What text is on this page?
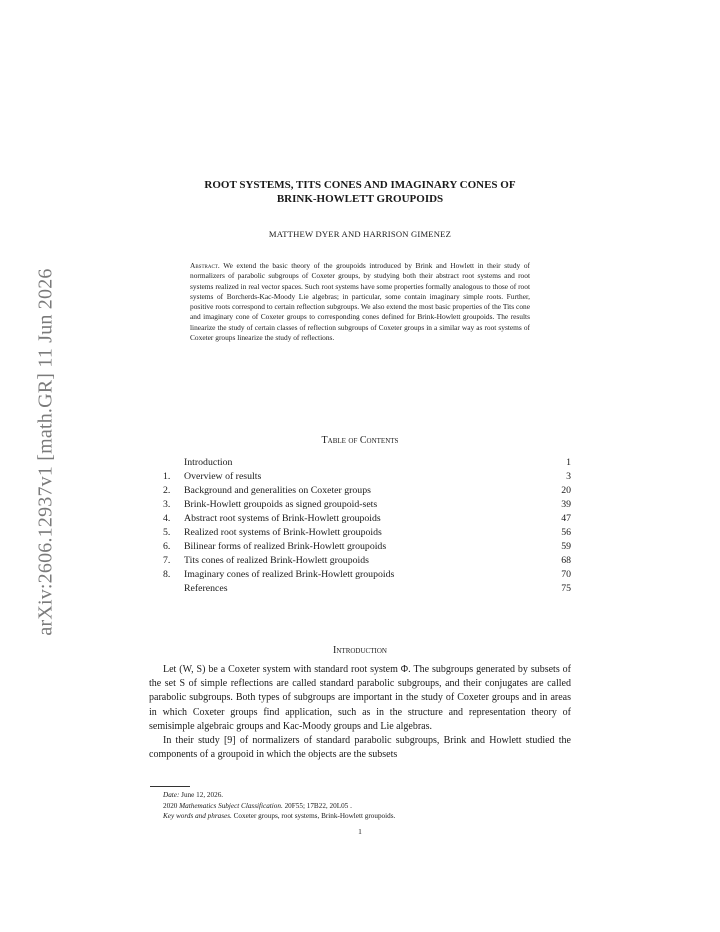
arXiv:2606.12937v1 [math.GR] 11 Jun 2026
ROOT SYSTEMS, TITS CONES AND IMAGINARY CONES OF
BRINK-HOWLETT GROUPOIDS
MATTHEW DYER AND HARRISON GIMENEZ
Abstract. We extend the basic theory of the groupoids introduced by Brink and Howlett in their study of normalizers of parabolic subgroups of Coxeter groups, by studying both their abstract root systems and root systems realized in real vector spaces. Such root systems have some properties formally analogous to those of root systems of Borcherds-Kac-Moody Lie algebras; in particular, some contain imaginary simple roots. Further, positive roots correspond to certain reflection subgroups. We also extend the most basic properties of the Tits cone and imaginary cone of Coxeter groups to corresponding cones defined for Brink-Howlett groupoids. The results linearize the study of certain classes of reflection subgroups of Coxeter groups in a similar way as root systems of Coxeter groups linearize the study of reflections.
Table of Contents
Introduction	1
1. Overview of results	3
2. Background and generalities on Coxeter groups	20
3. Brink-Howlett groupoids as signed groupoid-sets	39
4. Abstract root systems of Brink-Howlett groupoids	47
5. Realized root systems of Brink-Howlett groupoids	56
6. Bilinear forms of realized Brink-Howlett groupoids	59
7. Tits cones of realized Brink-Howlett groupoids	68
8. Imaginary cones of realized Brink-Howlett groupoids	70
References	75
Introduction

Let (W, S) be a Coxeter system with standard root system Φ. The subgroups generated by subsets of the set S of simple reflections are called standard parabolic subgroups, and their conjugates are called parabolic subgroups. Both types of subgroups are important in the study of Coxeter groups and in areas in which Coxeter groups find application, such as in the structure and representation theory of semisimple algebraic groups and Kac-Moody groups and Lie algebras.

In their study [9] of normalizers of standard parabolic subgroups, Brink and Howlett studied the components of a groupoid in which the objects are the subsets

Date: June 12, 2026.
2020 Mathematics Subject Classification. 20F55; 17B22, 20L05 .
Key words and phrases. Coxeter groups, root systems, Brink-Howlett groupoids.
1
